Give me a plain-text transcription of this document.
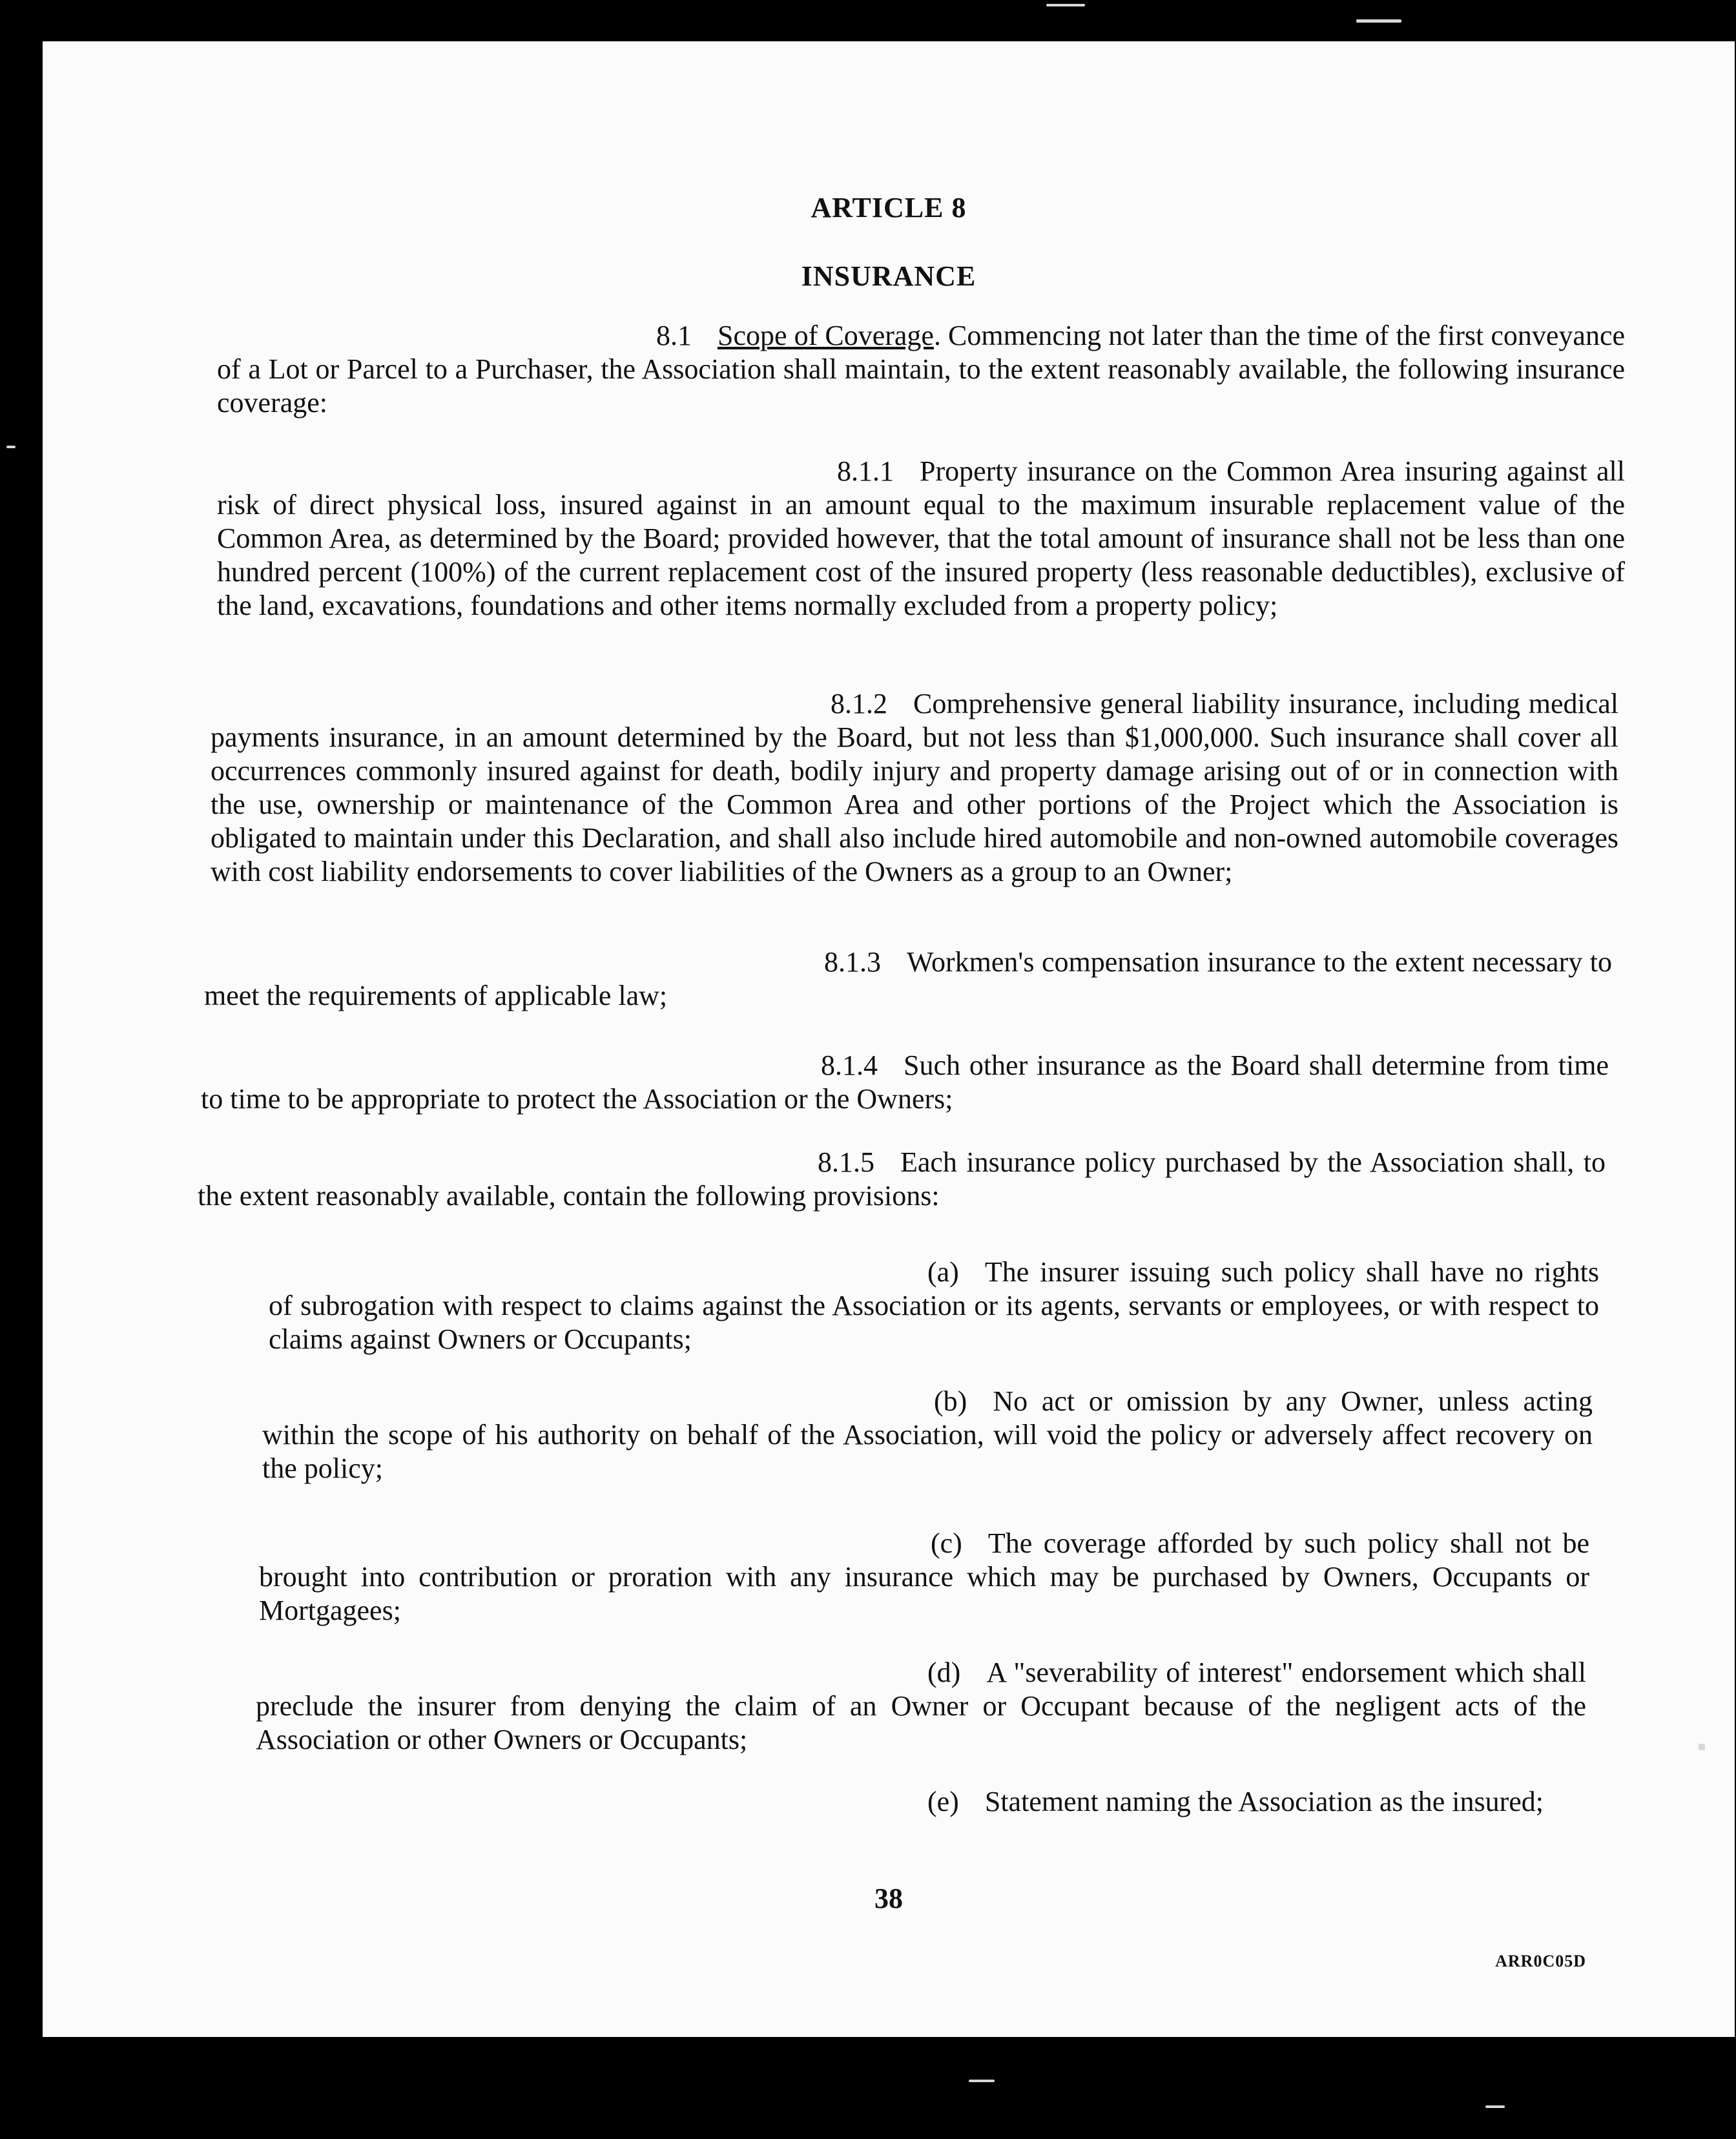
ARTICLE 8
INSURANCE
8.1 Scope of Coverage. Commencing not later than the time of the first conveyance of a Lot or Parcel to a Purchaser, the Association shall maintain, to the extent reasonably available, the following insurance coverage:
8.1.1 Property insurance on the Common Area insuring against all risk of direct physical loss, insured against in an amount equal to the maximum insurable replacement value of the Common Area, as determined by the Board; provided however, that the total amount of insurance shall not be less than one hundred percent (100%) of the current replacement cost of the insured property (less reasonable deductibles), exclusive of the land, excavations, foundations and other items normally excluded from a property policy;
8.1.2 Comprehensive general liability insurance, including medical payments insurance, in an amount determined by the Board, but not less than $1,000,000. Such insurance shall cover all occurrences commonly insured against for death, bodily injury and property damage arising out of or in connection with the use, ownership or maintenance of the Common Area and other portions of the Project which the Association is obligated to maintain under this Declaration, and shall also include hired automobile and non-owned automobile coverages with cost liability endorsements to cover liabilities of the Owners as a group to an Owner;
8.1.3 Workmen's compensation insurance to the extent necessary to meet the requirements of applicable law;
8.1.4 Such other insurance as the Board shall determine from time to time to be appropriate to protect the Association or the Owners;
8.1.5 Each insurance policy purchased by the Association shall, to the extent reasonably available, contain the following provisions:
(a) The insurer issuing such policy shall have no rights of subrogation with respect to claims against the Association or its agents, servants or employees, or with respect to claims against Owners or Occupants;
(b) No act or omission by any Owner, unless acting within the scope of his authority on behalf of the Association, will void the policy or adversely affect recovery on the policy;
(c) The coverage afforded by such policy shall not be brought into contribution or proration with any insurance which may be purchased by Owners, Occupants or Mortgagees;
(d) A "severability of interest" endorsement which shall preclude the insurer from denying the claim of an Owner or Occupant because of the negligent acts of the Association or other Owners or Occupants;
(e) Statement naming the Association as the insured;
38
ARR0C05D
